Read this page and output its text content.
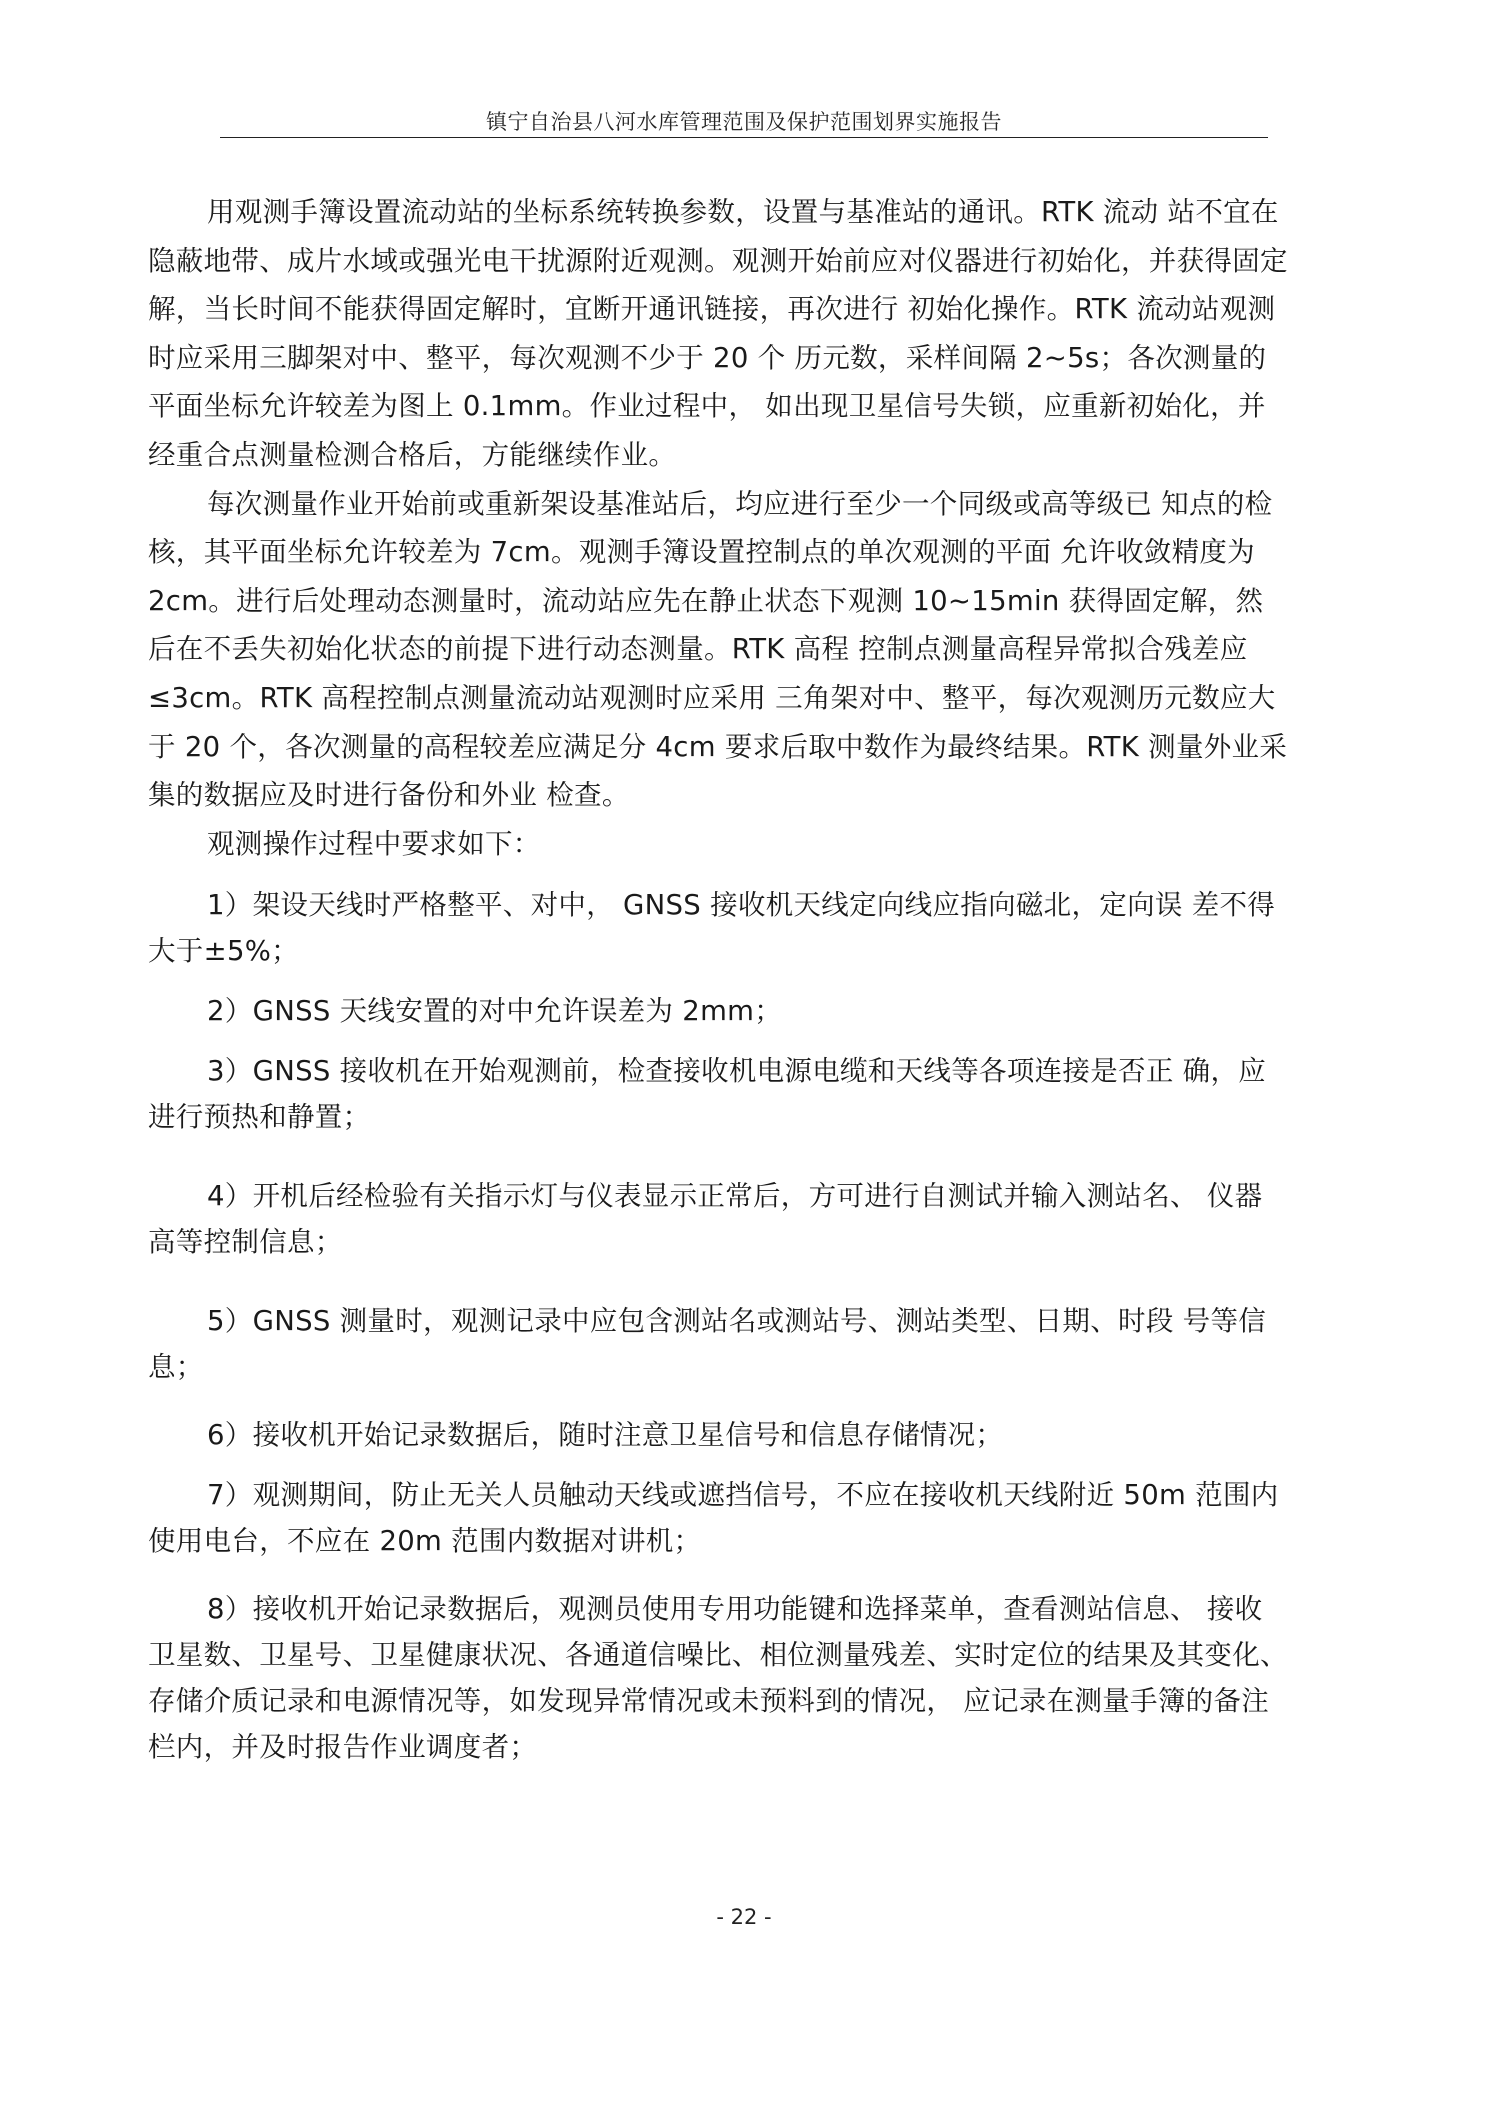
镇宁自治县八河水库管理范围及保护范围划界实施报告

用观测手簿设置流动站的坐标系统转换参数，设置与基准站的通讯。RTK 流动 站不宜在隐蔽地带、成片水域或强光电干扰源附近观测。观测开始前应对仪器进行初始化，并获得固定解，当长时间不能获得固定解时，宜断开通讯链接，再次进行 初始化操作。RTK 流动站观测时应采用三脚架对中、整平，每次观测不少于 20 个 历元数，采样间隔 2~5s；各次测量的平面坐标允许较差为图上 0.1mm。作业过程中， 如出现卫星信号失锁，应重新初始化，并经重合点测量检测合格后，方能继续作业。

每次测量作业开始前或重新架设基准站后，均应进行至少一个同级或高等级已 知点的检核，其平面坐标允许较差为 7cm。观测手簿设置控制点的单次观测的平面 允许收敛精度为 2cm。进行后处理动态测量时，流动站应先在静止状态下观测 10~15min 获得固定解，然后在不丢失初始化状态的前提下进行动态测量。RTK 高程 控制点测量高程异常拟合残差应≤3cm。RTK 高程控制点测量流动站观测时应采用 三角架对中、整平，每次观测历元数应大于 20 个，各次测量的高程较差应满足分 4cm 要求后取中数作为最终结果。RTK 测量外业采集的数据应及时进行备份和外业 检查。

观测操作过程中要求如下：

1）架设天线时严格整平、对中， GNSS 接收机天线定向线应指向磁北，定向误 差不得大于±5%；

2）GNSS 天线安置的对中允许误差为 2mm；

3）GNSS 接收机在开始观测前，检查接收机电源电缆和天线等各项连接是否正 确，应进行预热和静置；

4）开机后经检验有关指示灯与仪表显示正常后，方可进行自测试并输入测站名、 仪器高等控制信息；

5）GNSS 测量时，观测记录中应包含测站名或测站号、测站类型、日期、时段 号等信息；

6）接收机开始记录数据后，随时注意卫星信号和信息存储情况；

7）观测期间，防止无关人员触动天线或遮挡信号，不应在接收机天线附近 50m 范围内使用电台，不应在 20m 范围内数据对讲机；

8）接收机开始记录数据后，观测员使用专用功能键和选择菜单，查看测站信息、 接收卫星数、卫星号、卫星健康状况、各通道信噪比、相位测量残差、实时定位的结果及其变化、存储介质记录和电源情况等，如发现异常情况或未预料到的情况， 应记录在测量手簿的备注栏内，并及时报告作业调度者；

- 22 -
